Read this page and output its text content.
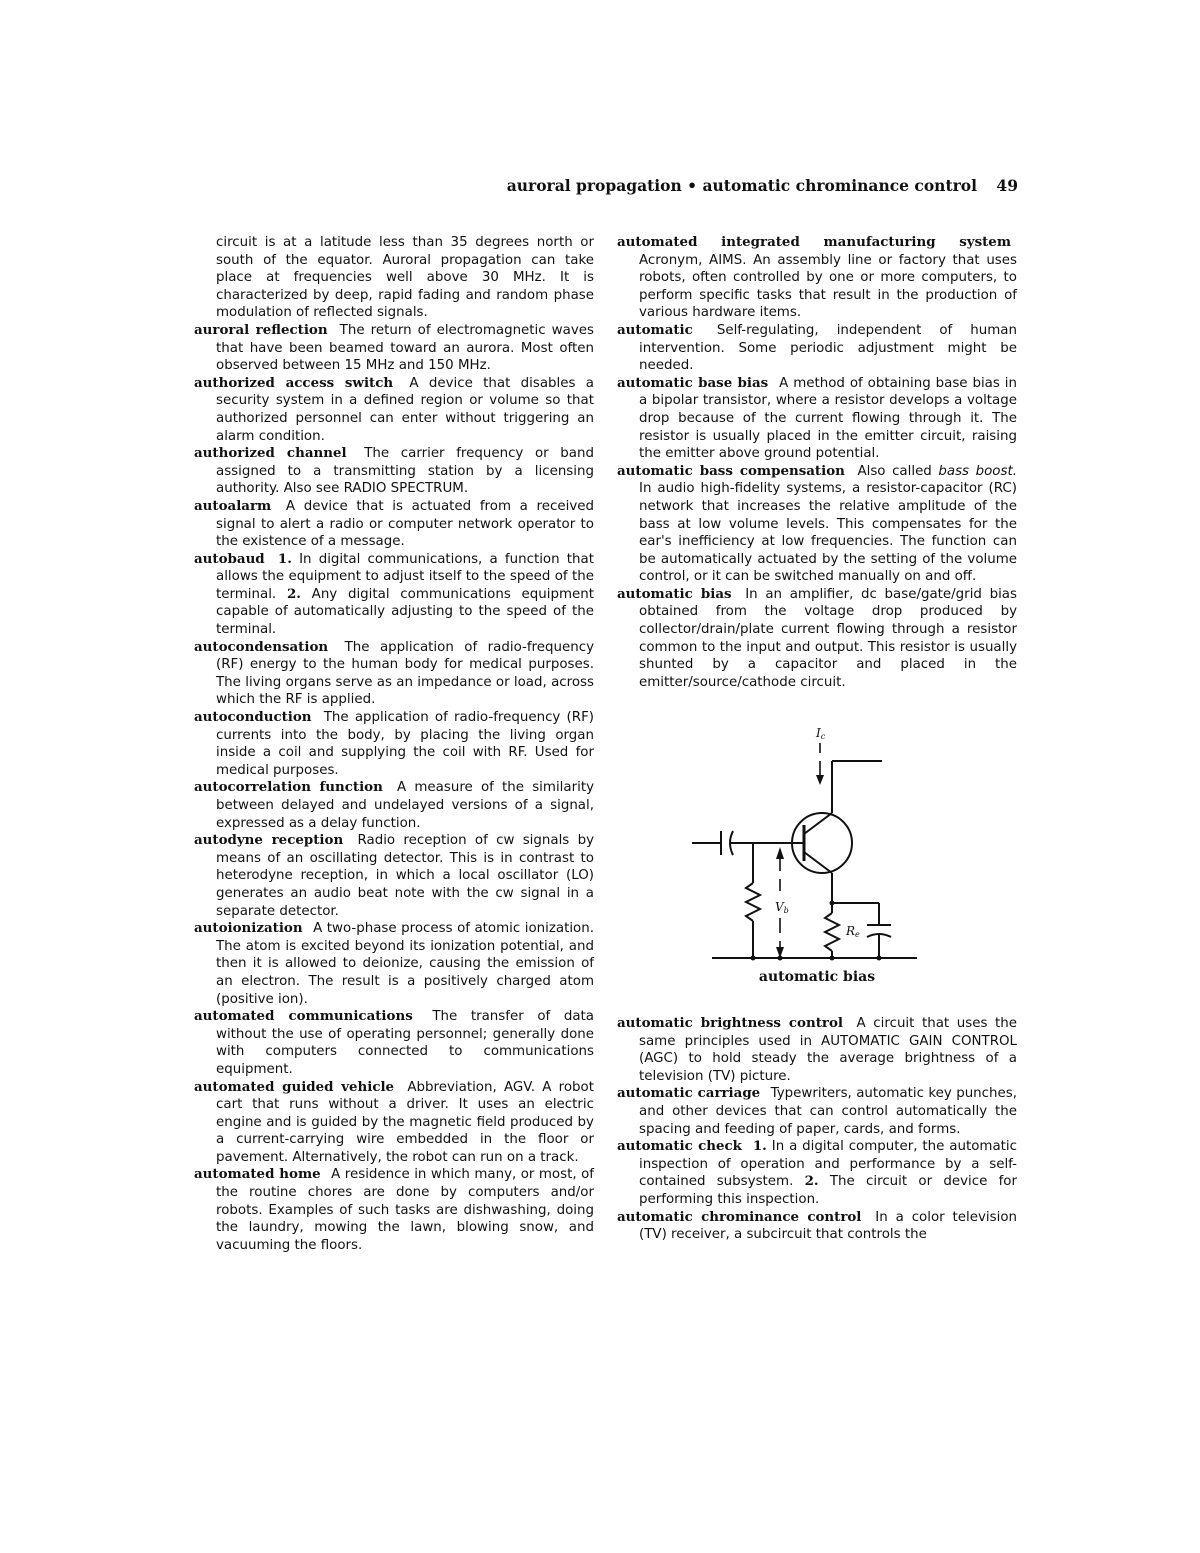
auroral propagation • automatic chrominance control 49

circuit is at a latitude less than 35 degrees north or south of the equator. Auroral propagation can take place at frequencies well above 30 MHz. It is characterized by deep, rapid fading and random phase modulation of reflected signals.

auroral reflection The return of electromagnetic waves that have been beamed toward an aurora. Most often observed between 15 MHz and 150 MHz.

authorized access switch A device that disables a security system in a defined region or volume so that authorized personnel can enter without triggering an alarm condition.

authorized channel The carrier frequency or band assigned to a transmitting station by a licensing authority. Also see RADIO SPECTRUM.

autoalarm A device that is actuated from a received signal to alert a radio or computer network operator to the existence of a message.

autobaud 1. In digital communications, a function that allows the equipment to adjust itself to the speed of the terminal. 2. Any digital communications equipment capable of automatically adjusting to the speed of the terminal.

autocondensation The application of radio-frequency (RF) energy to the human body for medical purposes. The living organs serve as an impedance or load, across which the RF is applied.

autoconduction The application of radio-frequency (RF) currents into the body, by placing the living organ inside a coil and supplying the coil with RF. Used for medical purposes.

autocorrelation function A measure of the similarity between delayed and undelayed versions of a signal, expressed as a delay function.

autodyne reception Radio reception of cw signals by means of an oscillating detector. This is in contrast to heterodyne reception, in which a local oscillator (LO) generates an audio beat note with the cw signal in a separate detector.

autoionization A two-phase process of atomic ionization. The atom is excited beyond its ionization potential, and then it is allowed to deionize, causing the emission of an electron. The result is a positively charged atom (positive ion).

automated communications The transfer of data without the use of operating personnel; generally done with computers connected to communications equipment.

automated guided vehicle Abbreviation, AGV. A robot cart that runs without a driver. It uses an electric engine and is guided by the magnetic field produced by a current-carrying wire embedded in the floor or pavement. Alternatively, the robot can run on a track.

automated home A residence in which many, or most, of the routine chores are done by computers and/or robots. Examples of such tasks are dishwashing, doing the laundry, mowing the lawn, blowing snow, and vacuuming the floors.

automated integrated manufacturing system Acronym, AIMS. An assembly line or factory that uses robots, often controlled by one or more computers, to perform specific tasks that result in the production of various hardware items.

automatic Self-regulating, independent of human intervention. Some periodic adjustment might be needed.

automatic base bias A method of obtaining base bias in a bipolar transistor, where a resistor develops a voltage drop because of the current flowing through it. The resistor is usually placed in the emitter circuit, raising the emitter above ground potential.

automatic bass compensation Also called bass boost. In audio high-fidelity systems, a resistor-capacitor (RC) network that increases the relative amplitude of the bass at low volume levels. This compensates for the ear's inefficiency at low frequencies. The function can be automatically actuated by the setting of the volume control, or it can be switched manually on and off.

automatic bias In an amplifier, dc base/gate/grid bias obtained from the voltage drop produced by collector/drain/plate current flowing through a resistor common to the input and output. This resistor is usually shunted by a capacitor and placed in the emitter/source/cathode circuit.

Ic
Vb
Re
automatic bias

automatic brightness control A circuit that uses the same principles used in AUTOMATIC GAIN CONTROL (AGC) to hold steady the average brightness of a television (TV) picture.

automatic carriage Typewriters, automatic key punches, and other devices that can control automatically the spacing and feeding of paper, cards, and forms.

automatic check 1. In a digital computer, the automatic inspection of operation and performance by a self-contained subsystem. 2. The circuit or device for performing this inspection.

automatic chrominance control In a color television (TV) receiver, a subcircuit that controls the
